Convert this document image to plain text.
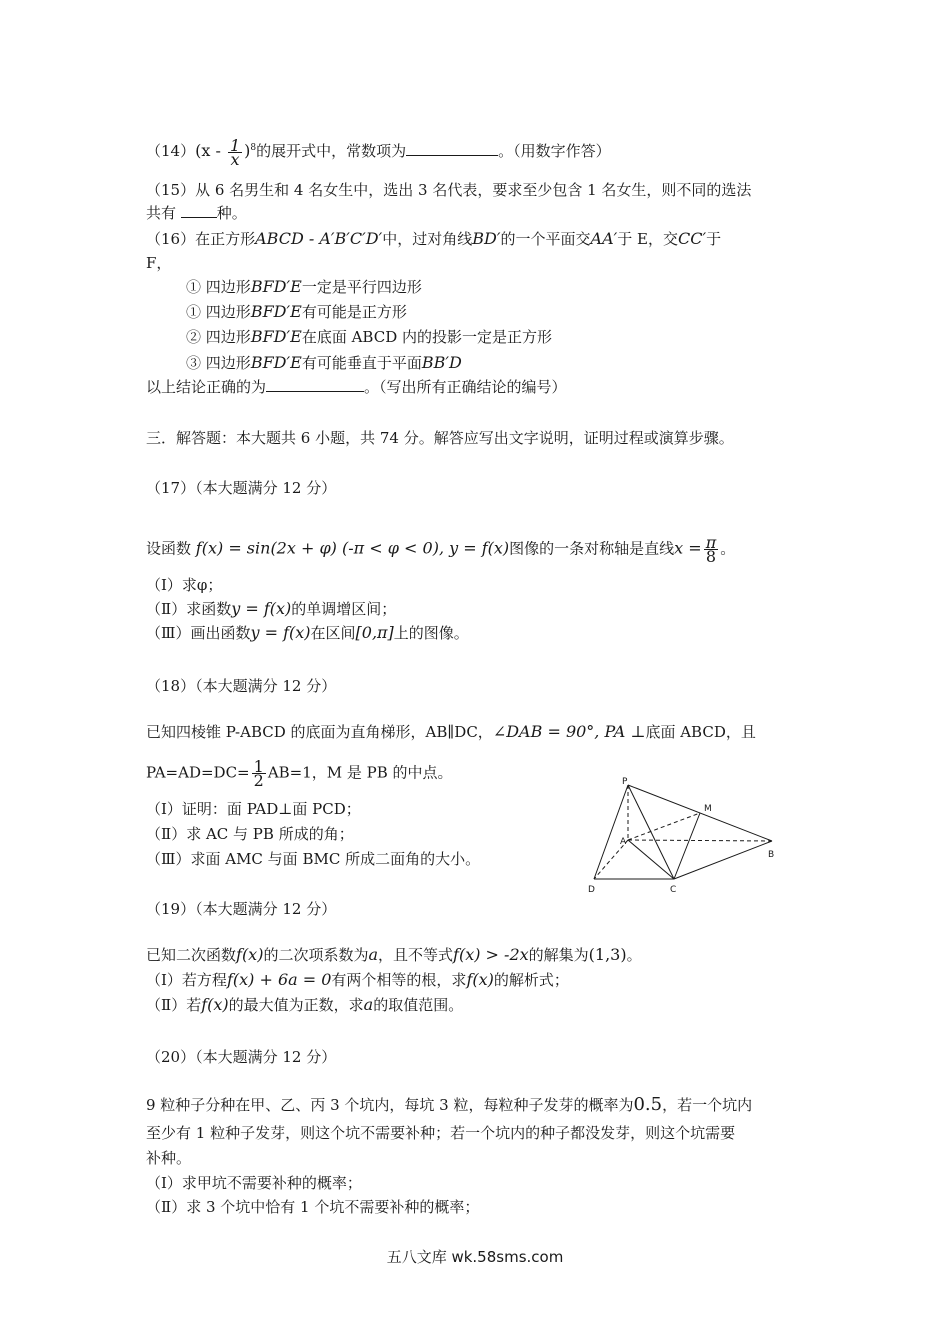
$(14)(x - \frac{1}{x} )^8$的展开式中，常数项为	。（用数字作答）
（15）从 6 名男生和 4 名女生中，选出 3 名代表，要求至少包含 1 名女生，则不同的选法
共有 种。
（16）在正方形ABCD - A′B′C′D′中，过对角线BD′的一个平面交AA′于 E，交CC′于
F，
① 四边形BFD′E一定是平行四边形
① 四边形BFD′E有可能是正方形
② 四边形BFD′E在底面 ABCD 内的投影一定是正方形
③ 四边形BFD′E有可能垂直于平面BB′D
以上结论正确的为	。（写出所有正确结论的编号）
三．解答题：本大题共 6 小题，共 74 分。解答应写出文字说明，证明过程或演算步骤。
（17）（本大题满分 12 分）
设函数 f(x) = sin(2x + φ) (-π < φ < 0), y = f(x)图像的一条对称轴是直线$x = \frac{\pi}{8}$ 。
（Ⅰ）求φ；
（Ⅱ）求函数y = f(x)的单调增区间；
（Ⅲ）画出函数y = f(x)在区间[0,π]上的图像。
（18）（本大题满分 12 分）
已知四棱锥 P-ABCD 的底面为直角梯形，AB∥DC，∠DAB = 90°, PA ⊥底面 ABCD，且
$PA=AD=DC= \frac{1}{2} AB=1$，M 是 PB 的中点。
（Ⅰ）证明：面 PAD⊥面 PCD；
（Ⅱ）求 AC 与 PB 所成的角；
（Ⅲ）求面 AMC 与面 BMC 所成二面角的大小。
P
M
A
B
D	C
（19）（本大题满分 12 分）
已知二次函数f(x)的二次项系数为a，且不等式f(x) > -2x的解集为(1,3)。
（Ⅰ）若方程f(x) + 6a = 0有两个相等的根，求f(x)的解析式；
（Ⅱ）若f(x)的最大值为正数，求a的取值范围。
（20）（本大题满分 12 分）
9 粒种子分种在甲、乙、丙 3 个坑内，每坑 3 粒，每粒种子发芽的概率为0.5，若一个坑内
至少有 1 粒种子发芽，则这个坑不需要补种；若一个坑内的种子都没发芽，则这个坑需要
补种。
（Ⅰ）求甲坑不需要补种的概率；
（Ⅱ）求 3 个坑中恰有 1 个坑不需要补种的概率；
五八文库 wk.58sms.com
